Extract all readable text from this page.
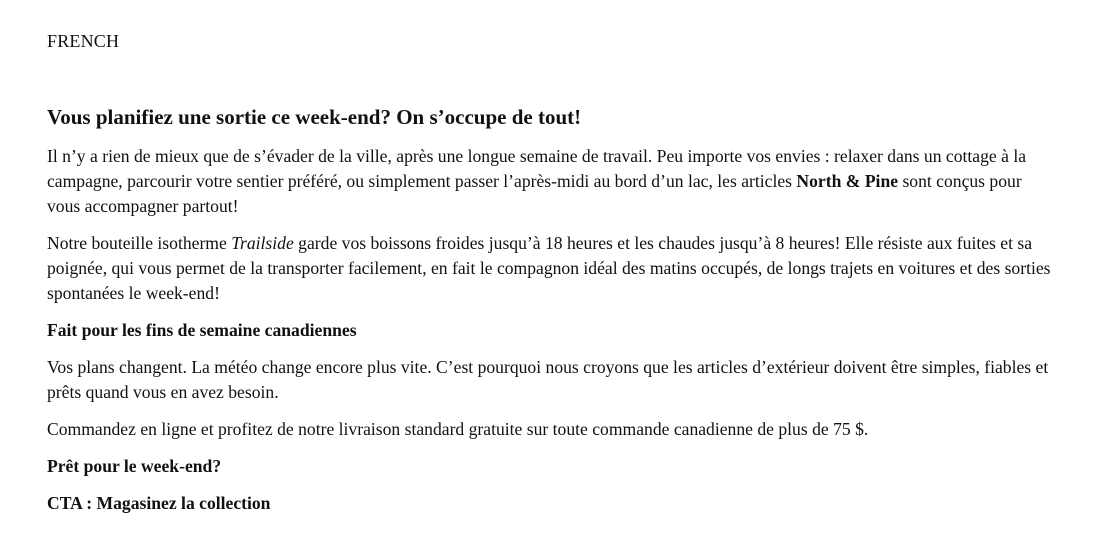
FRENCH

Vous planifiez une sortie ce week-end? On s’occupe de tout!

Il n’y a rien de mieux que de s’évader de la ville, après une longue semaine de travail. Peu importe vos envies : relaxer dans un cottage à la campagne, parcourir votre sentier préféré, ou simplement passer l’après-midi au bord d’un lac, les articles North & Pine sont conçus pour vous accompagner partout!

Notre bouteille isotherme Trailside garde vos boissons froides jusqu’à 18 heures et les chaudes jusqu’à 8 heures! Elle résiste aux fuites et sa poignée, qui vous permet de la transporter facilement, en fait le compagnon idéal des matins occupés, de longs trajets en voitures et des sorties spontanées le week-end!

Fait pour les fins de semaine canadiennes

Vos plans changent. La météo change encore plus vite. C’est pourquoi nous croyons que les articles d’extérieur doivent être simples, fiables et prêts quand vous en avez besoin.

Commandez en ligne et profitez de notre livraison standard gratuite sur toute commande canadienne de plus de 75 $.

Prêt pour le week-end?

CTA : Magasinez la collection
